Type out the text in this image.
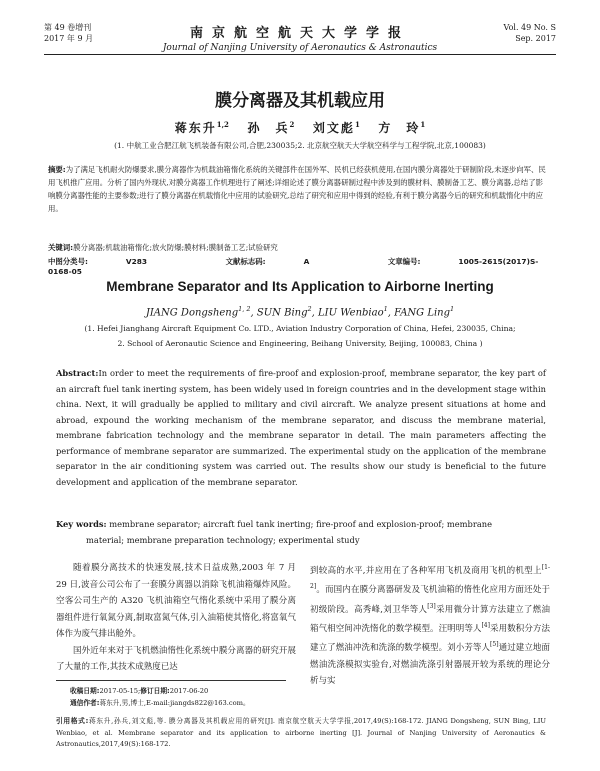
第 49 卷增刊
2017 年 9 月	南京航空航天大学学报
Journal of Nanjing University of Aeronautics & Astronautics
Vol. 49 No. S
Sep. 2017
膜分离器及其机载应用
蒋东升$^{1,2}$ 孙　兵$^2$ 刘文彪$^1$ 方　玲$^1$
(1. 中航工业合肥江航飞机装备有限公司,合肥,230035;2. 北京航空航天大学航空科学与工程学院,北京,100083)
摘要:为了满足飞机耐火防爆要求,膜分离器作为机载油箱惰化系统的关键部件在国外军、民机已经获机使用,在国内膜分离器处于研制阶段,未逐步向军、民用飞机推广应用。分析了国内外现状,对膜分离器工作机理进行了阐述;详细论述了膜分离器研制过程中涉及到的膜材料、膜制备工艺、膜分离器,总结了影响膜分离器性能的主要参数;进行了膜分离器在机载惰化中应用的试验研究,总结了研究和应用中得到的经验,有利于膜分离器今后的研究和机载惰化中的应用。
关键词:膜分离器;机载油箱惰化;放火防爆;膜材料;膜制备工艺;试验研究
中图分类号:	V283	文献标志码:	A	文章编号:	1005-2615(2017)S-0168-05
Membrane Separator and Its Application to Airborne Inerting
JIANG Dongsheng$^{1, 2}$, SUN Bing$^2$, LIU Wenbiao$^1$, FANG Ling$^1$
(1. Hefei Jianghang Aircraft Equipment Co. LTD., Aviation Industry Corporation of China, Hefei, 230035, China;
2. School of Aeronautic Science and Engineering, Beihang University, Beijing, 100083, China )
Abstract:In order to meet the requirements of fire-proof and explosion-proof, membrane separator, the key part of an aircraft fuel tank inerting system, has been widely used in foreign countries and in the development stage within china. Next, it will gradually be applied to military and civil aircraft. We analyze present situations at home and abroad, expound the working mechanism of the membrane separator, and discuss the membrane material, membrane fabrication technology and the membrane separator in detail. The main parameters affecting the performance of membrane separator are summarized. The experimental study on the application of the membrane separator in the air conditioning system was carried out. The results show our study is beneficial to the future development and application of the membrane separator.
Key words: membrane separator; aircraft fuel tank inerting; fire-proof and explosion-proof; membrane
material; membrane preparation technology; experimental study

随着膜分离技术的快速发展,技术日益成熟,2003 年 7 月 29 日,波音公司公布了一套膜分离器以消除飞机油箱爆炸风险。空客公司生产的 A320 飞机油箱空气惰化系统中采用了膜分离器组件进行氧氮分离,制取富氮气体,引入油箱使其惰化,将富氧气体作为废气排出舱外。

国外近年来对于飞机燃油惰性化系统中膜分离器的研究开展了大量的工作,其技术成熟度已达

到较高的水平,并应用在了各种军用飞机及商用飞机的机型上[1-2]。而国内在膜分离器研发及飞机油箱的惰性化应用方面还处于初级阶段。高秀峰,刘卫华等人[3]采用微分计算方法建立了燃油箱气相空间冲洗惰化的数学模型。汪明明等人[4]采用数积分方法建立了燃油冲洗和洗涤的数学模型。刘小芳等人[5]通过建立地面燃油洗涤模拟实验台,对燃油洗涤引射器展开较为系统的理论分析与实

收稿日期:2017-05-15;修订日期:2017-06-20
通信作者:蒋东升,男,博士,E-mail:jiangds822@163.com。
引用格式:蒋东升,孙兵,刘文彪,等. 膜分离器及其机载应用的研究[J]. 南京航空航天大学学报,2017,49(S):168-172. JIANG Dongsheng, SUN Bing, LIU Wenbiao, et al. Membrane separator and its application to airborne inerting [J]. Journal of Nanjing University of Aeronautics & Astronautics,2017,49(S):168-172.
